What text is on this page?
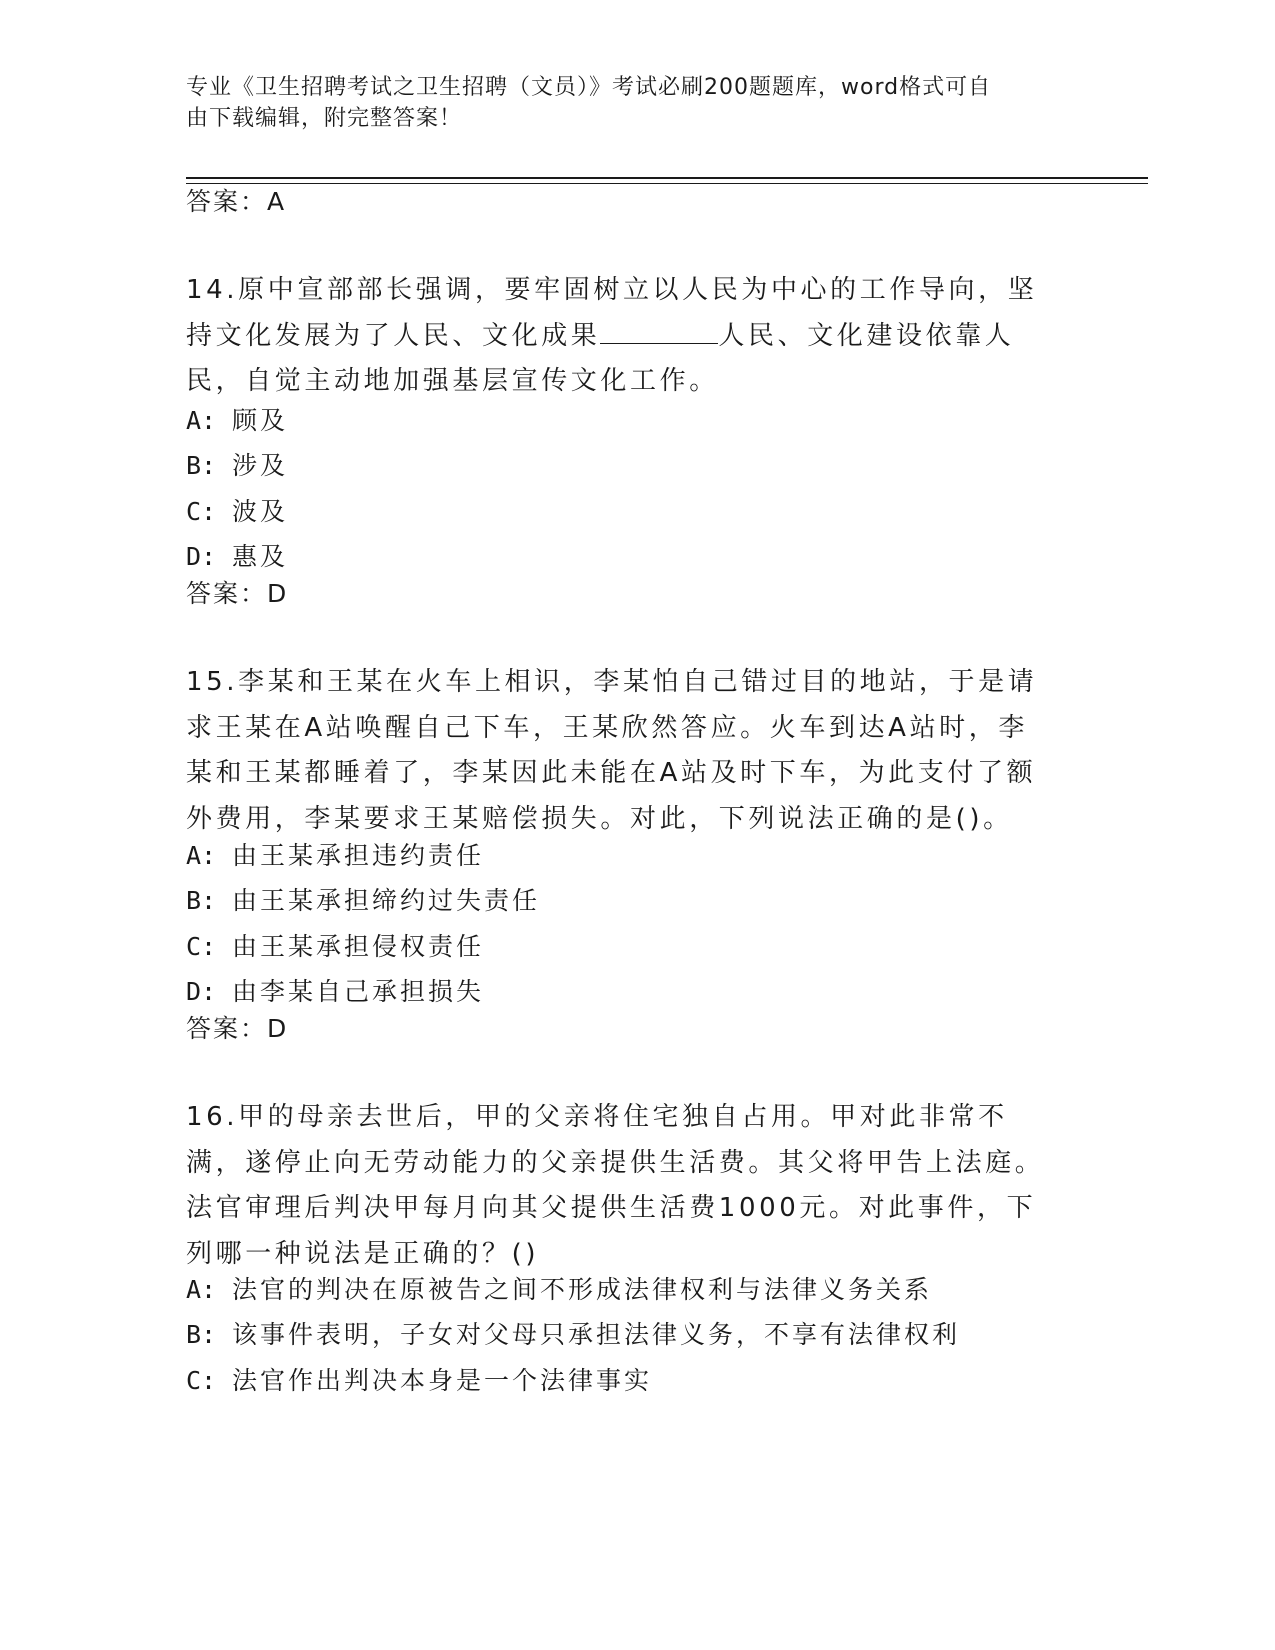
专业《卫生招聘考试之卫生招聘（文员）》考试必刷200题题库，word格式可自
由下载编辑，附完整答案！
答案：A
14.原中宣部部长强调，要牢固树立以人民为中心的工作导向，坚持文化发展为了人民、文化成果	人民、文化建设依靠人民，自觉主动地加强基层宣传文化工作。
A: 顾及
B: 涉及
C: 波及
D: 惠及
答案：D
15.李某和王某在火车上相识，李某怕自己错过目的地站，于是请求王某在A站唤醒自己下车，王某欣然答应。火车到达A站时，李某和王某都睡着了，李某因此未能在A站及时下车，为此支付了额外费用，李某要求王某赔偿损失。对此，下列说法正确的是()。
A: 由王某承担违约责任
B: 由王某承担缔约过失责任
C: 由王某承担侵权责任
D: 由李某自己承担损失
答案：D
16.甲的母亲去世后，甲的父亲将住宅独自占用。甲对此非常不满，遂停止向无劳动能力的父亲提供生活费。其父将甲告上法庭。法官审理后判决甲每月向其父提供生活费1000元。对此事件，下列哪一种说法是正确的？()
A: 法官的判决在原被告之间不形成法律权利与法律义务关系
B: 该事件表明，子女对父母只承担法律义务，不享有法律权利
C: 法官作出判决本身是一个法律事实
